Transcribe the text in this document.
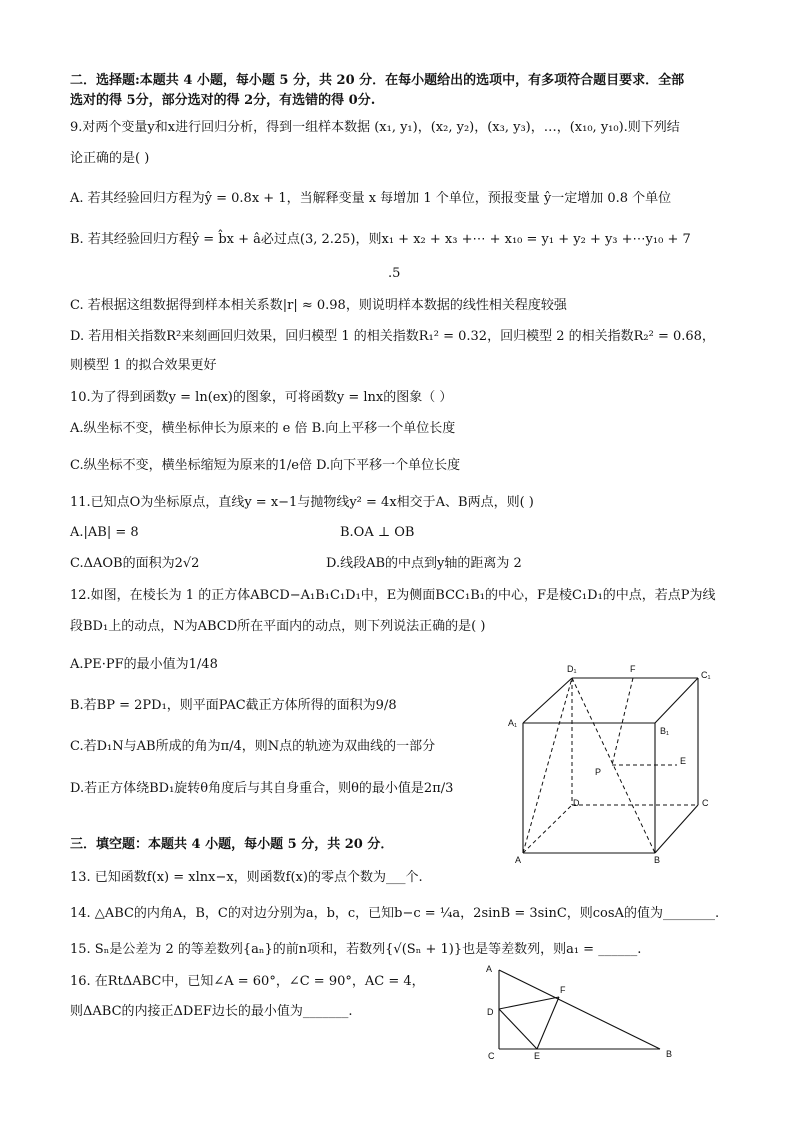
二．选择题:本题共 4 小题，每小题 5 分，共 20 分．在每小题给出的选项中，有多项符合题目要求．全部
选对的得 5分，部分选对的得 2分，有选错的得 0分.
9.对两个变量y和x进行回归分析，得到一组样本数据 (x₁, y₁)，(x₂, y₂)，(x₃, y₃)，…，(x₁₀, y₁₀).则下列结
论正确的是( )
A. 若其经验回归方程为ŷ = 0.8x + 1，当解释变量 x 每增加 1 个单位，预报变量 ŷ一定增加 0.8 个单位
B. 若其经验回归方程ŷ = b̂x + â必过点(3, 2.25)，则x₁ + x₂ + x₃ +⋯ + x₁₀ = y₁ + y₂ + y₃ +⋯y₁₀ + 7
.5
C. 若根据这组数据得到样本相关系数|r| ≈ 0.98，则说明样本数据的线性相关程度较强
D. 若用相关指数R²来刻画回归效果，回归模型 1 的相关指数R₁² = 0.32，回归模型 2 的相关指数R₂² = 0.68，
则模型 1 的拟合效果更好
10.为了得到函数y = ln(ex)的图象，可将函数y = lnx的图象（ ）
A.纵坐标不变，横坐标伸长为原来的 e 倍 B.向上平移一个单位长度
C.纵坐标不变，横坐标缩短为原来的1/e倍 D.向下平移一个单位长度
11.已知点O为坐标原点，直线y = x−1与抛物线y² = 4x相交于A、B两点，则( )
A.|AB| = 8	B.OA ⊥ OB
C.ΔAOB的面积为2√2	D.线段AB的中点到y轴的距离为 2
12.如图，在棱长为 1 的正方体ABCD−A₁B₁C₁D₁中，E为侧面BCC₁B₁的中心，F是棱C₁D₁的中点，若点P为线
段BD₁上的动点，N为ABCD所在平面内的动点，则下列说法正确的是( )
A.PE·PF的最小值为1/48
B.若BP = 2PD₁，则平面PAC截正方体所得的面积为9/8
C.若D₁N与AB所成的角为π/4，则N点的轨迹为双曲线的一部分
D.若正方体绕BD₁旋转θ角度后与其自身重合，则θ的最小值是2π/3
D₁	F
C₁
A₁
B₁
P
E
D	C
A	B
三．填空题：本题共 4 小题，每小题 5 分，共 20 分．
13. 已知函数f(x) = xlnx−x，则函数f(x)的零点个数为___个.
14. △ABC的内角A，B，C的对边分别为a，b，c，已知b−c = ¼a，2sinB = 3sinC，则cosA的值为________.
15. Sₙ是公差为 2 的等差数列{aₙ}的前n项和，若数列{√(Sₙ + 1)}也是等差数列，则a₁ = ______.
16. 在RtΔABC中，已知∠A = 60°，∠C = 90°，AC = 4，
则ΔABC的内接正ΔDEF边长的最小值为_______.
A
F
D
C	E	B
